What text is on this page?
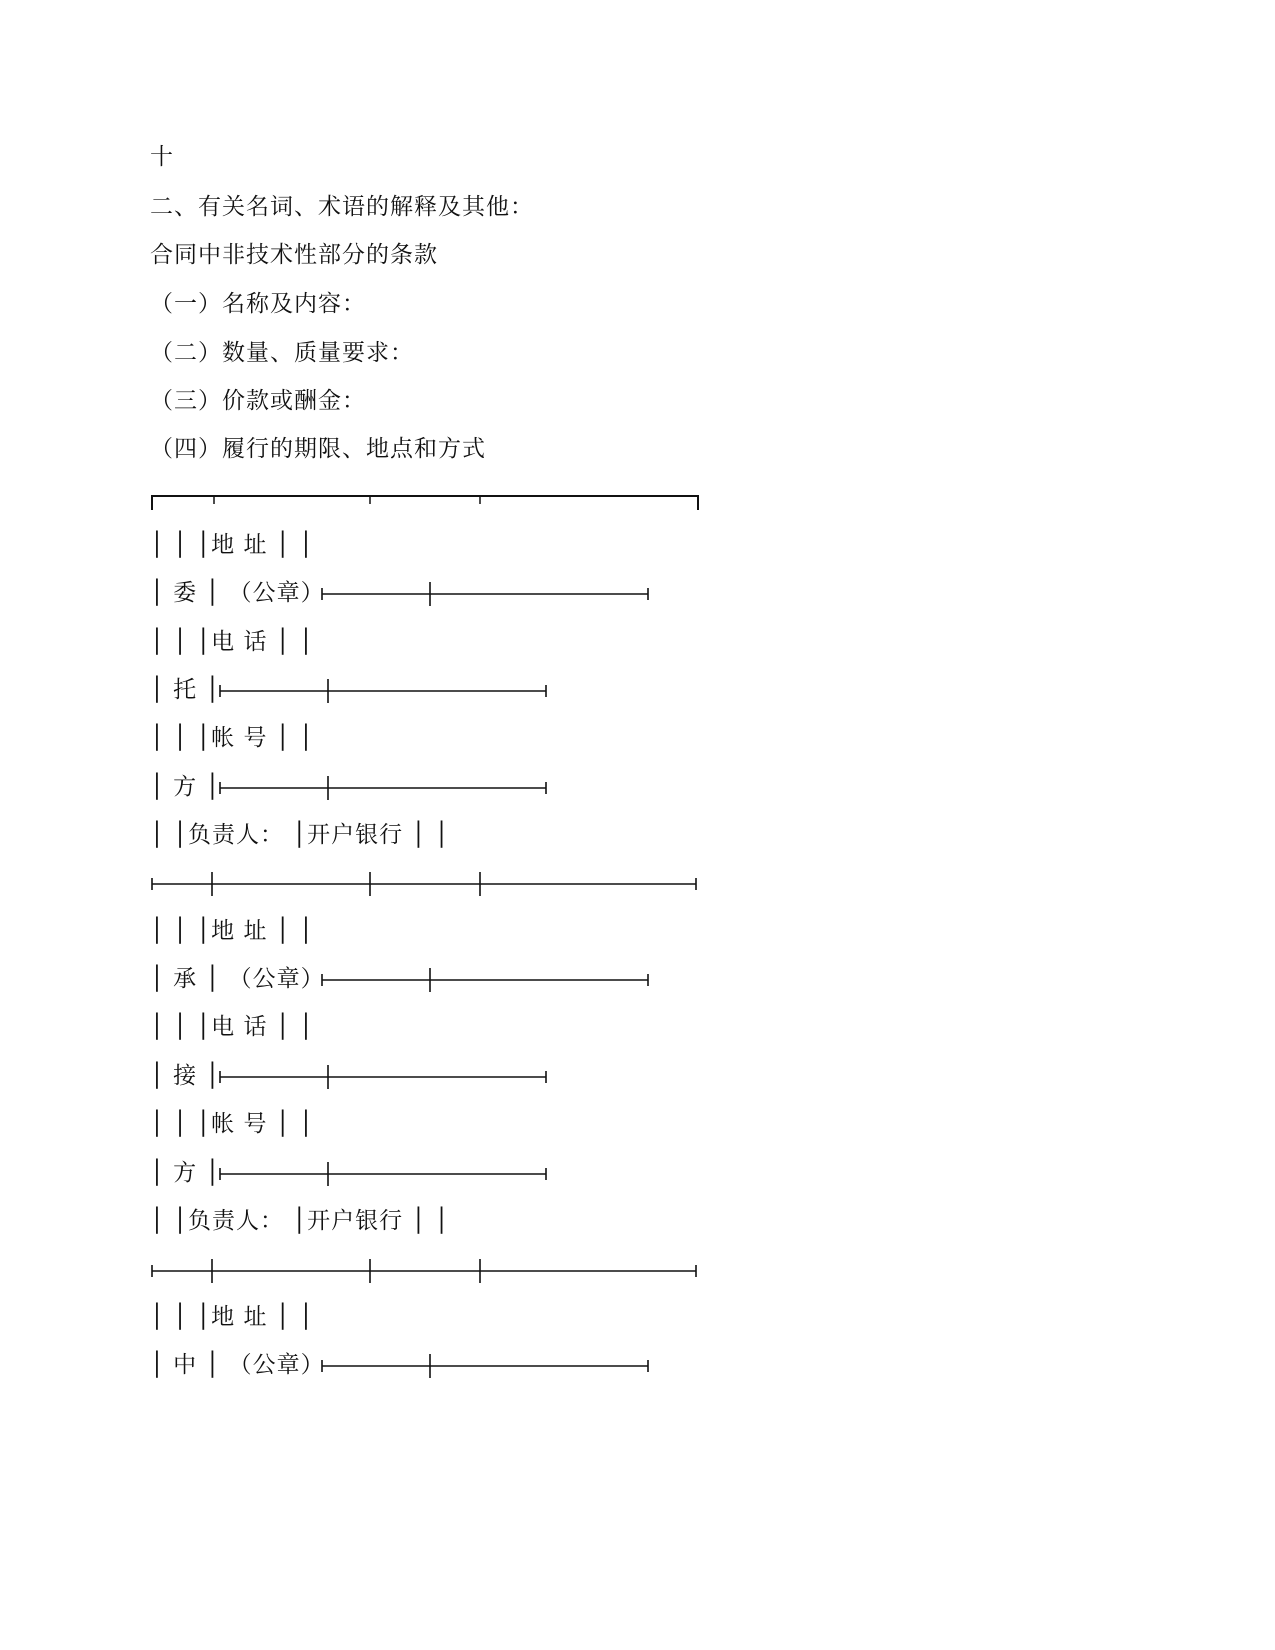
十
二、有关名词、术语的解释及其他：
合同中非技术性部分的条款
（一）名称及内容：
（二）数量、质量要求：
（三）价款或酬金：
（四）履行的期限、地点和方式
│ │ │地 址 │ │
│ 委 │ （公章）
│ │ │电 话 │ │
│ 托 │
│ │ │帐 号 │ │
│ 方 │
│ │负责人： │开户银行 │ │
│ │ │地 址 │ │
│ 承 │ （公章）
│ │ │电 话 │ │
│ 接 │
│ │ │帐 号 │ │
│ 方 │
│ │负责人： │开户银行 │ │
│ │ │地 址 │ │
│ 中 │ （公章）
